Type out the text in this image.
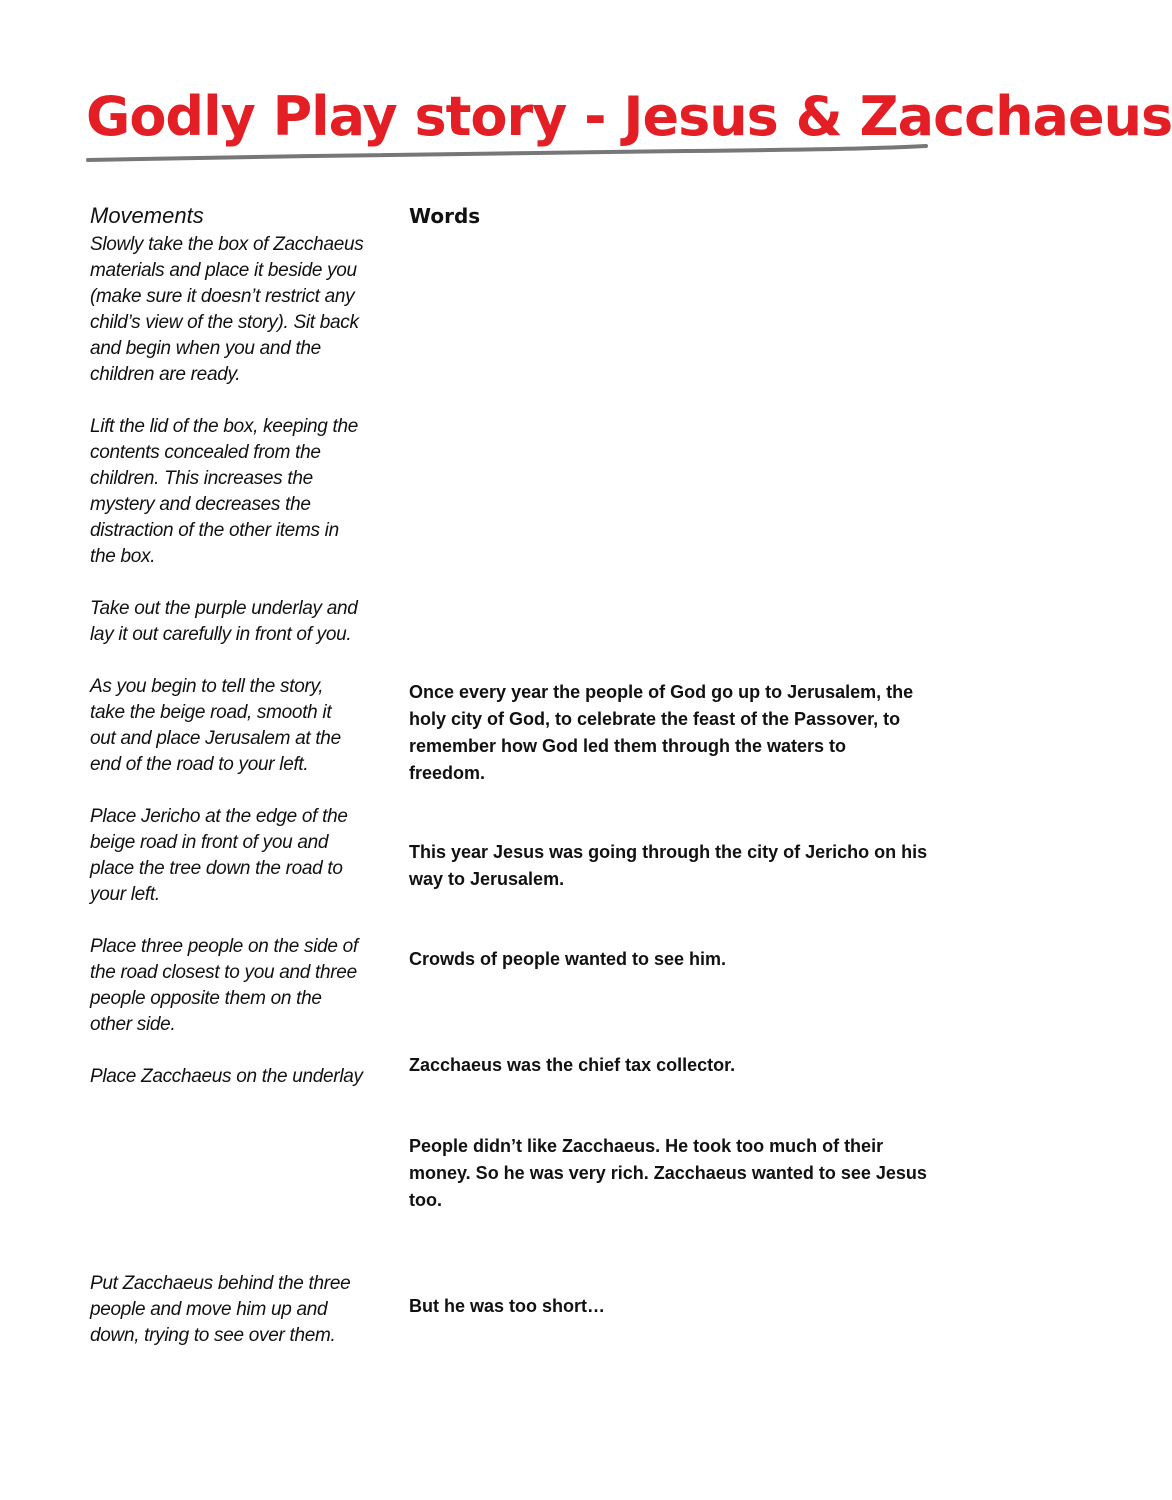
Godly Play story - Jesus & Zacchaeus
Movements	Words
Slowly take the box of Zacchaeus
materials and place it beside you
(make sure it doesn’t restrict any
child’s view of the story). Sit back
and begin when you and the
children are ready.
Lift the lid of the box, keeping the
contents concealed from the
children. This increases the
mystery and decreases the
distraction of the other items in
the box.
Take out the purple underlay and
lay it out carefully in front of you.
As you begin to tell the story,
take the beige road, smooth it
out and place Jerusalem at the
end of the road to your left.
Place Jericho at the edge of the
beige road in front of you and
place the tree down the road to
your left.
Place three people on the side of
the road closest to you and three
people opposite them on the
other side.
Place Zacchaeus on the underlay
Put Zacchaeus behind the three
people and move him up and
down, trying to see over them.
Once every year the people of God go up to Jerusalem, the
holy city of God, to celebrate the feast of the Passover, to
remember how God led them through the waters to
freedom.
This year Jesus was going through the city of Jericho on his
way to Jerusalem.
Crowds of people wanted to see him.
Zacchaeus was the chief tax collector.
People didn’t like Zacchaeus. He took too much of their
money. So he was very rich. Zacchaeus wanted to see Jesus
too.
But he was too short…
